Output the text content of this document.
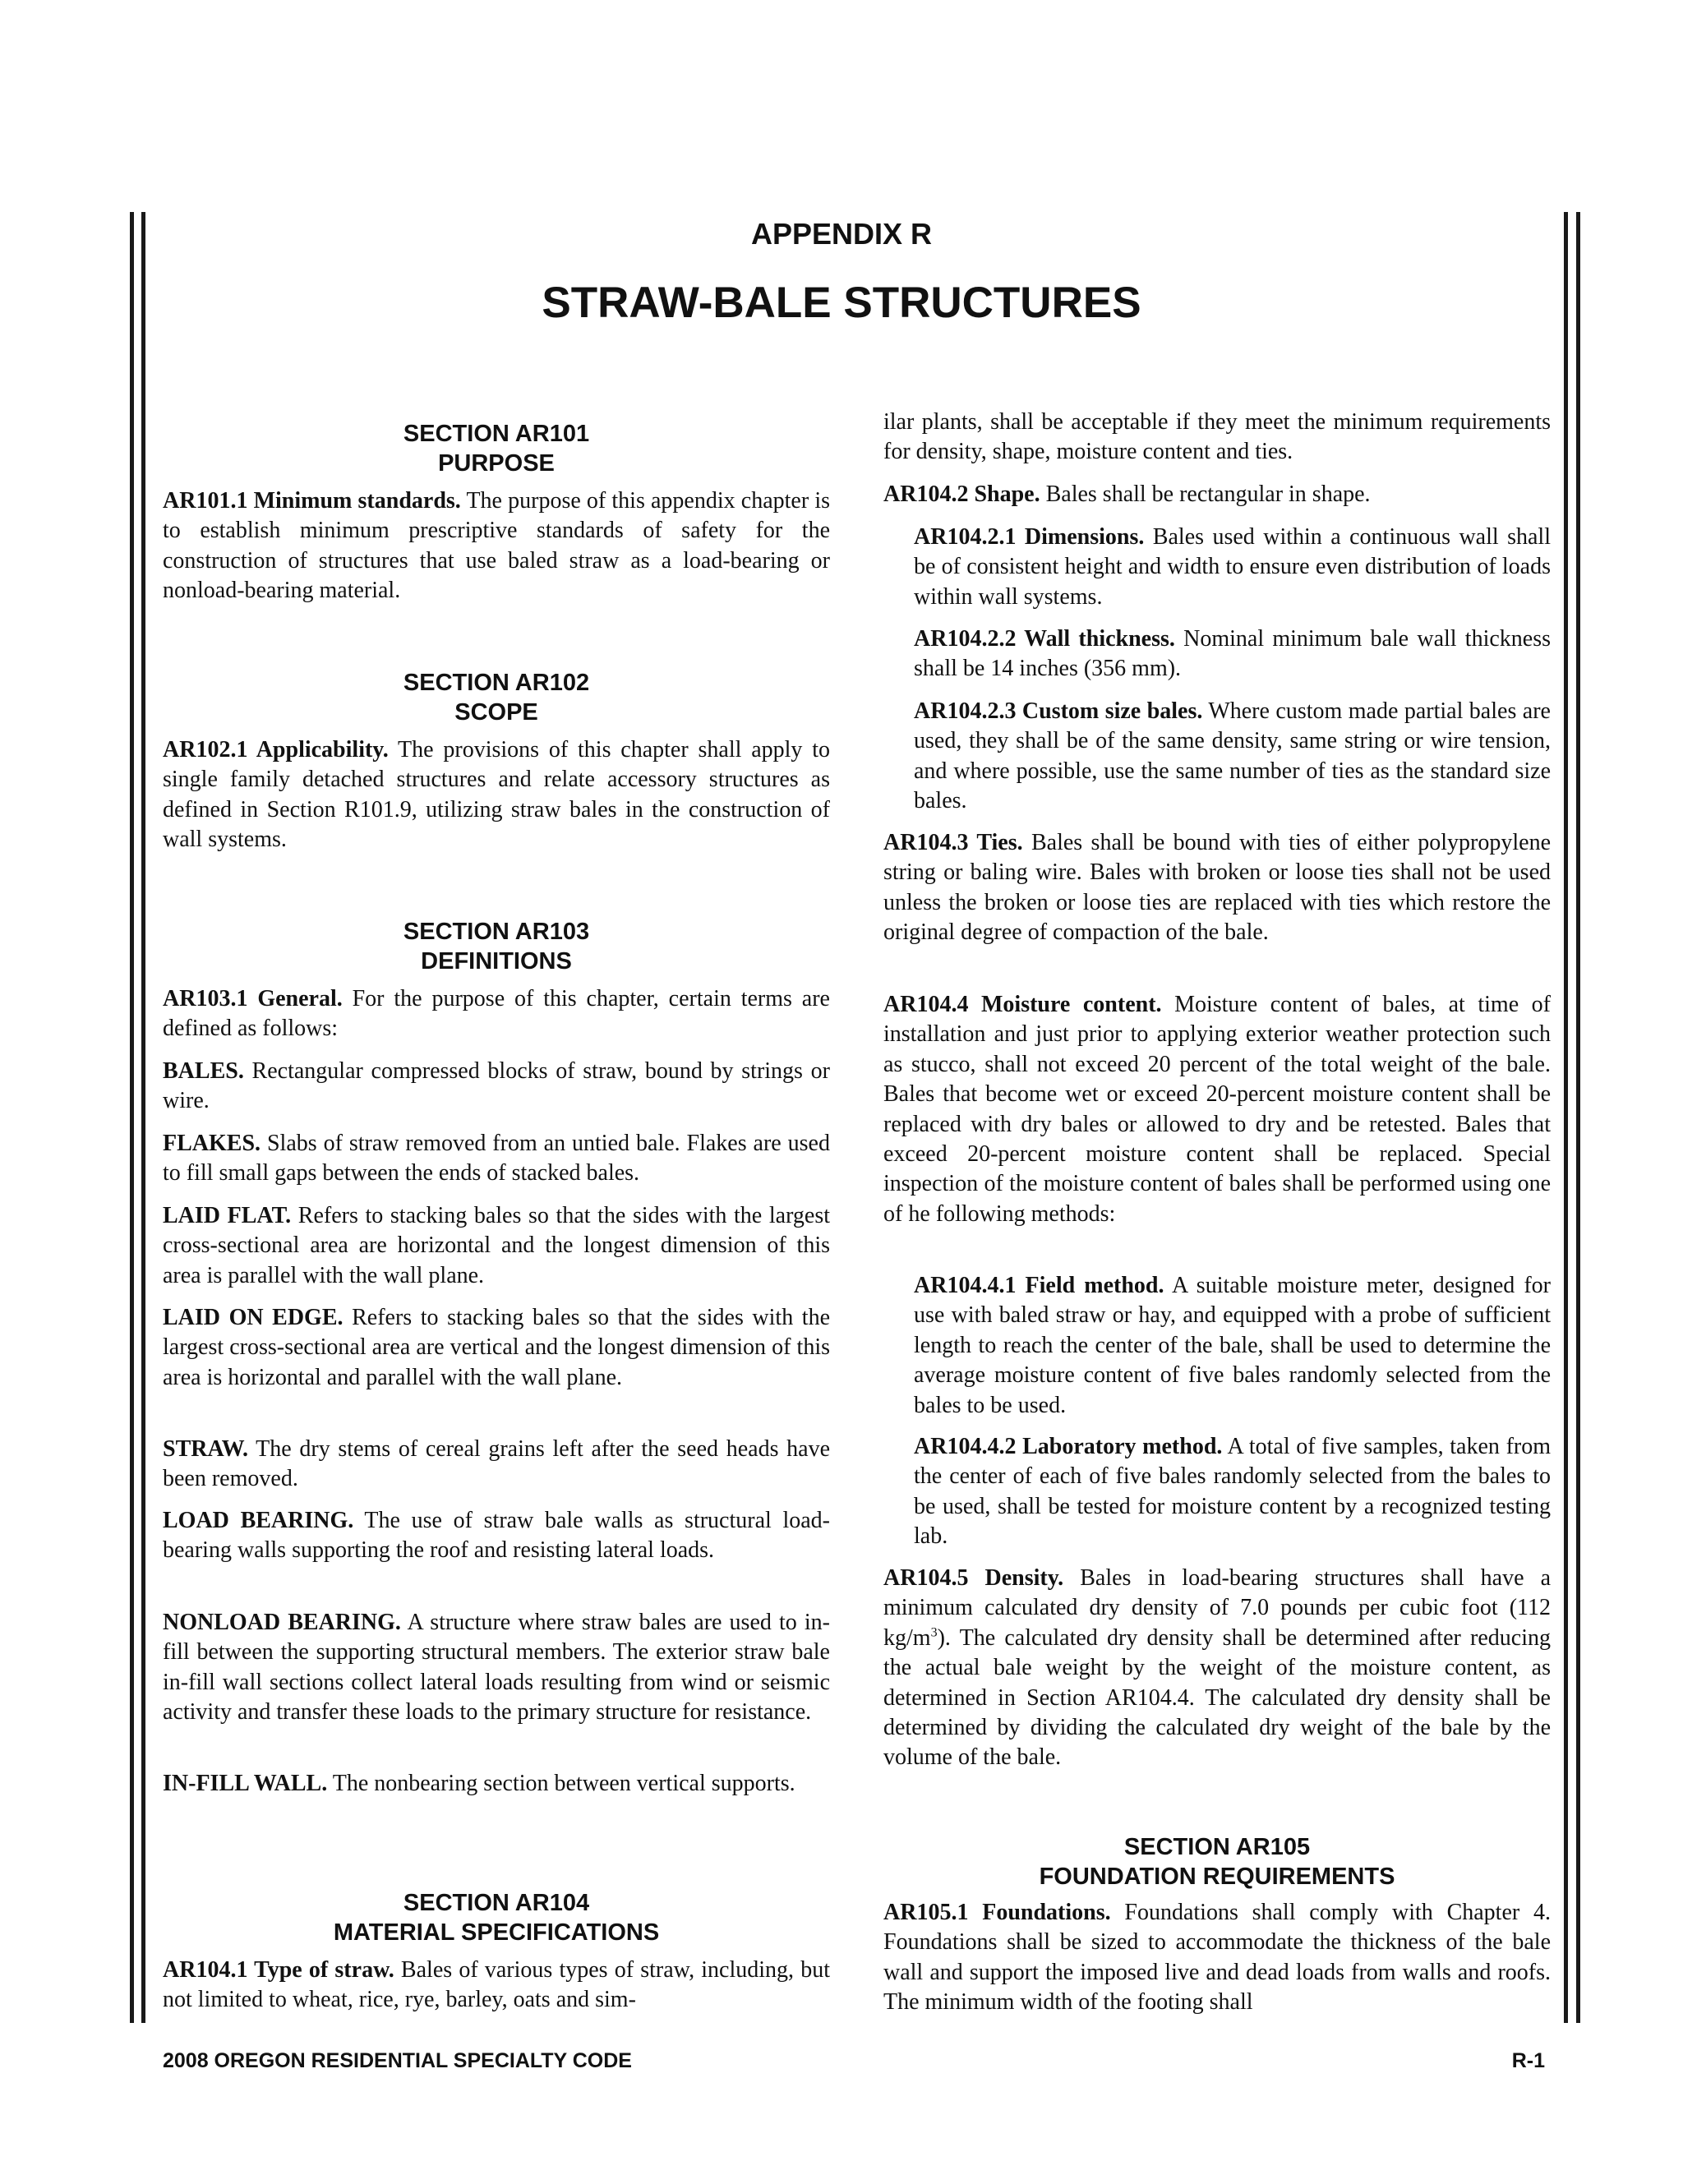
APPENDIX R
STRAW-BALE STRUCTURES
SECTION AR101
PURPOSE

AR101.1 Minimum standards. The purpose of this appendix chapter is to establish minimum prescriptive standards of safety for the construction of structures that use baled straw as a load-bearing or nonload-bearing material.

SECTION AR102
SCOPE

AR102.1 Applicability. The provisions of this chapter shall apply to single family detached structures and relate accessory structures as defined in Section R101.9, utilizing straw bales in the construction of wall systems.

SECTION AR103
DEFINITIONS

AR103.1 General. For the purpose of this chapter, certain terms are defined as follows:

BALES. Rectangular compressed blocks of straw, bound by strings or wire.

FLAKES. Slabs of straw removed from an untied bale. Flakes are used to fill small gaps between the ends of stacked bales.

LAID FLAT. Refers to stacking bales so that the sides with the largest cross-sectional area are horizontal and the longest dimension of this area is parallel with the wall plane.

LAID ON EDGE. Refers to stacking bales so that the sides with the largest cross-sectional area are vertical and the longest dimension of this area is horizontal and parallel with the wall plane.

STRAW. The dry stems of cereal grains left after the seed heads have been removed.

LOAD BEARING. The use of straw bale walls as structural load-bearing walls supporting the roof and resisting lateral loads.

NONLOAD BEARING. A structure where straw bales are used to in-fill between the supporting structural members. The exterior straw bale in-fill wall sections collect lateral loads resulting from wind or seismic activity and transfer these loads to the primary structure for resistance.

IN-FILL WALL. The nonbearing section between vertical supports.

SECTION AR104
MATERIAL SPECIFICATIONS

AR104.1 Type of straw. Bales of various types of straw, including, but not limited to wheat, rice, rye, barley, oats and sim-

ilar plants, shall be acceptable if they meet the minimum requirements for density, shape, moisture content and ties.

AR104.2 Shape. Bales shall be rectangular in shape.

AR104.2.1 Dimensions. Bales used within a continuous wall shall be of consistent height and width to ensure even distribution of loads within wall systems.

AR104.2.2 Wall thickness. Nominal minimum bale wall thickness shall be 14 inches (356 mm).

AR104.2.3 Custom size bales. Where custom made partial bales are used, they shall be of the same density, same string or wire tension, and where possible, use the same number of ties as the standard size bales.

AR104.3 Ties. Bales shall be bound with ties of either polypropylene string or baling wire. Bales with broken or loose ties shall not be used unless the broken or loose ties are replaced with ties which restore the original degree of compaction of the bale.

AR104.4 Moisture content. Moisture content of bales, at time of installation and just prior to applying exterior weather protection such as stucco, shall not exceed 20 percent of the total weight of the bale. Bales that become wet or exceed 20-percent moisture content shall be replaced with dry bales or allowed to dry and be retested. Bales that exceed 20-percent moisture content shall be replaced. Special inspection of the moisture content of bales shall be performed using one of he following methods:

AR104.4.1 Field method. A suitable moisture meter, designed for use with baled straw or hay, and equipped with a probe of sufficient length to reach the center of the bale, shall be used to determine the average moisture content of five bales randomly selected from the bales to be used.

AR104.4.2 Laboratory method. A total of five samples, taken from the center of each of five bales randomly selected from the bales to be used, shall be tested for moisture content by a recognized testing lab.

AR104.5 Density. Bales in load-bearing structures shall have a minimum calculated dry density of 7.0 pounds per cubic foot (112 $kg/m^3$). The calculated dry density shall be determined after reducing the actual bale weight by the weight of the moisture content, as determined in Section AR104.4. The calculated dry density shall be determined by dividing the calculated dry weight of the bale by the volume of the bale.

SECTION AR105
FOUNDATION REQUIREMENTS

AR105.1 Foundations. Foundations shall comply with Chapter 4. Foundations shall be sized to accommodate the thickness of the bale wall and support the imposed live and dead loads from walls and roofs. The minimum width of the footing shall

2008 OREGON RESIDENTIAL SPECIALTY CODE	R-1
